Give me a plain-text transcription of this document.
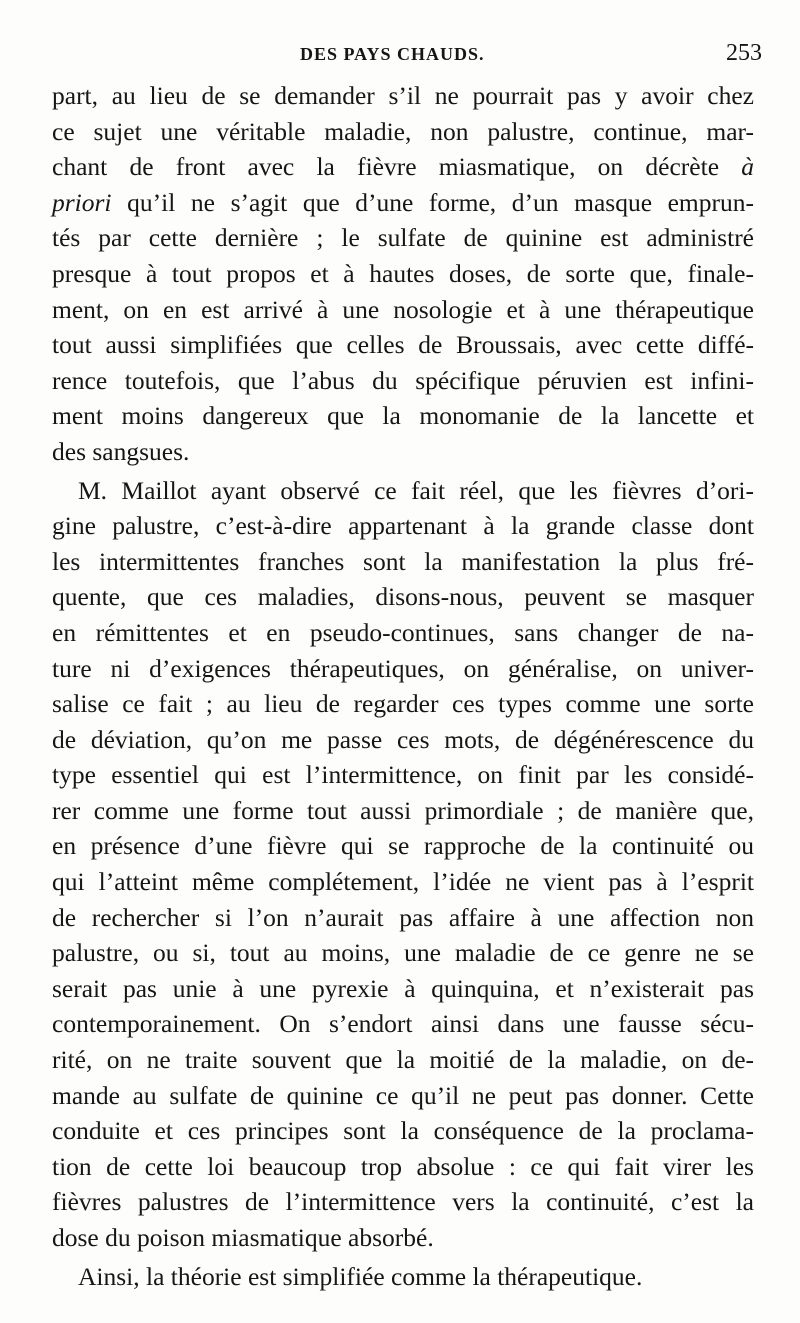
DES PAYS CHAUDS.	253
part, au lieu de se demander s’il ne pourrait pas y avoir chez
ce sujet une véritable maladie, non palustre, continue, mar-
chant de front avec la fièvre miasmatique, on décrète à
priori qu’il ne s’agit que d’une forme, d’un masque emprun-
tés par cette dernière ; le sulfate de quinine est administré
presque à tout propos et à hautes doses, de sorte que, finale-
ment, on en est arrivé à une nosologie et à une thérapeutique
tout aussi simplifiées que celles de Broussais, avec cette diffé-
rence toutefois, que l’abus du spécifique péruvien est infini-
ment moins dangereux que la monomanie de la lancette et
des sangsues.
M. Maillot ayant observé ce fait réel, que les fièvres d’ori-
gine palustre, c’est-à-dire appartenant à la grande classe dont
les intermittentes franches sont la manifestation la plus fré-
quente, que ces maladies, disons-nous, peuvent se masquer
en rémittentes et en pseudo-continues, sans changer de na-
ture ni d’exigences thérapeutiques, on généralise, on univer-
salise ce fait ; au lieu de regarder ces types comme une sorte
de déviation, qu’on me passe ces mots, de dégénérescence du
type essentiel qui est l’intermittence, on finit par les considé-
rer comme une forme tout aussi primordiale ; de manière que,
en présence d’une fièvre qui se rapproche de la continuité ou
qui l’atteint même complétement, l’idée ne vient pas à l’esprit
de rechercher si l’on n’aurait pas affaire à une affection non
palustre, ou si, tout au moins, une maladie de ce genre ne se
serait pas unie à une pyrexie à quinquina, et n’existerait pas
contemporainement. On s’endort ainsi dans une fausse sécu-
rité, on ne traite souvent que la moitié de la maladie, on de-
mande au sulfate de quinine ce qu’il ne peut pas donner. Cette
conduite et ces principes sont la conséquence de la proclama-
tion de cette loi beaucoup trop absolue : ce qui fait virer les
fièvres palustres de l’intermittence vers la continuité, c’est la
dose du poison miasmatique absorbé.
Ainsi, la théorie est simplifiée comme la thérapeutique.
